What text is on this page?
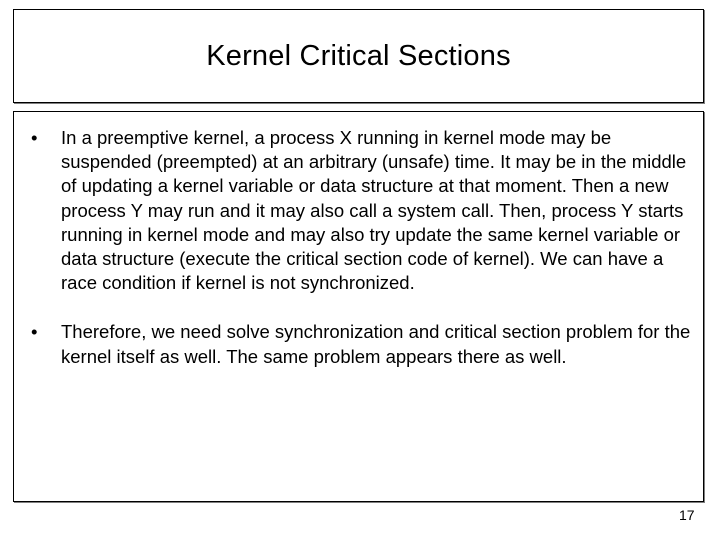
Kernel Critical Sections
• In a preemptive kernel, a process X running in kernel mode may be suspended (preempted) at an arbitrary (unsafe) time. It may be in the middle of updating a kernel variable or data structure at that moment. Then a new process Y may run and it may also call a system call. Then, process Y starts running in kernel mode and may also try update the same kernel variable or data structure (execute the critical section code of kernel). We can have a race condition if kernel is not synchronized.
• Therefore, we need solve synchronization and critical section problem for the kernel itself as well. The same problem appears there as well.
17
